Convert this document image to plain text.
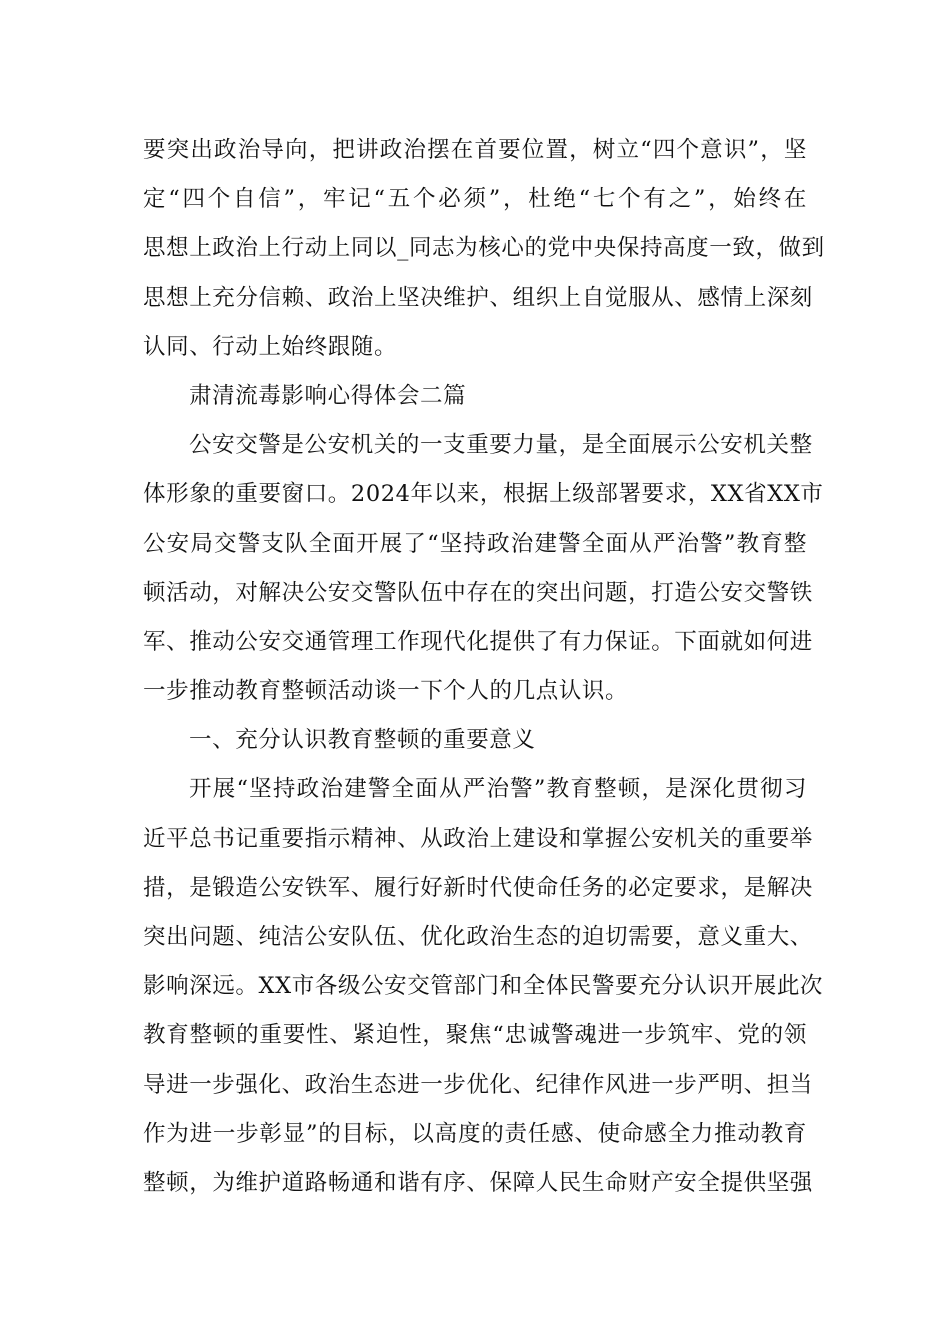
要突出政治导向，把讲政治摆在首要位置，树立“四个意识”，坚
定“四个自信”，牢记“五个必须”，杜绝“七个有之”，始终在
思想上政治上行动上同以_同志为核心的党中央保持高度一致，做到
思想上充分信赖、政治上坚决维护、组织上自觉服从、感情上深刻
认同、行动上始终跟随。
肃清流毒影响心得体会二篇
公安交警是公安机关的一支重要力量，是全面展示公安机关整
体形象的重要窗口。2024年以来，根据上级部署要求，XX省XX市
公安局交警支队全面开展了“坚持政治建警全面从严治警”教育整
顿活动，对解决公安交警队伍中存在的突出问题，打造公安交警铁
军、推动公安交通管理工作现代化提供了有力保证。下面就如何进
一步推动教育整顿活动谈一下个人的几点认识。
一、充分认识教育整顿的重要意义
开展“坚持政治建警全面从严治警”教育整顿，是深化贯彻习
近平总书记重要指示精神、从政治上建设和掌握公安机关的重要举
措，是锻造公安铁军、履行好新时代使命任务的必定要求，是解决
突出问题、纯洁公安队伍、优化政治生态的迫切需要，意义重大、
影响深远。XX市各级公安交管部门和全体民警要充分认识开展此次
教育整顿的重要性、紧迫性，聚焦“忠诚警魂进一步筑牢、党的领
导进一步强化、政治生态进一步优化、纪律作风进一步严明、担当
作为进一步彰显”的目标，以高度的责任感、使命感全力推动教育
整顿，为维护道路畅通和谐有序、保障人民生命财产安全提供坚强
